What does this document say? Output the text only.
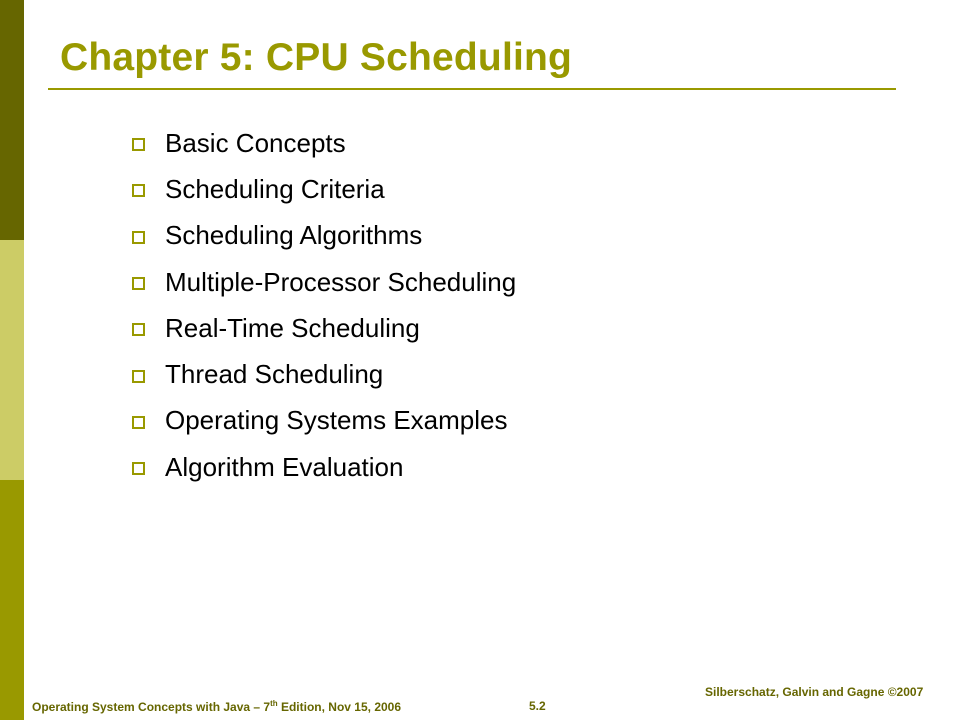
Chapter 5: CPU Scheduling
Basic Concepts
Scheduling Criteria
Scheduling Algorithms
Multiple-Processor Scheduling
Real-Time Scheduling
Thread Scheduling
Operating Systems Examples
Algorithm Evaluation
Operating System Concepts with Java – 7th Edition, Nov 15, 2006	5.2
Silberschatz, Galvin and Gagne ©2007
